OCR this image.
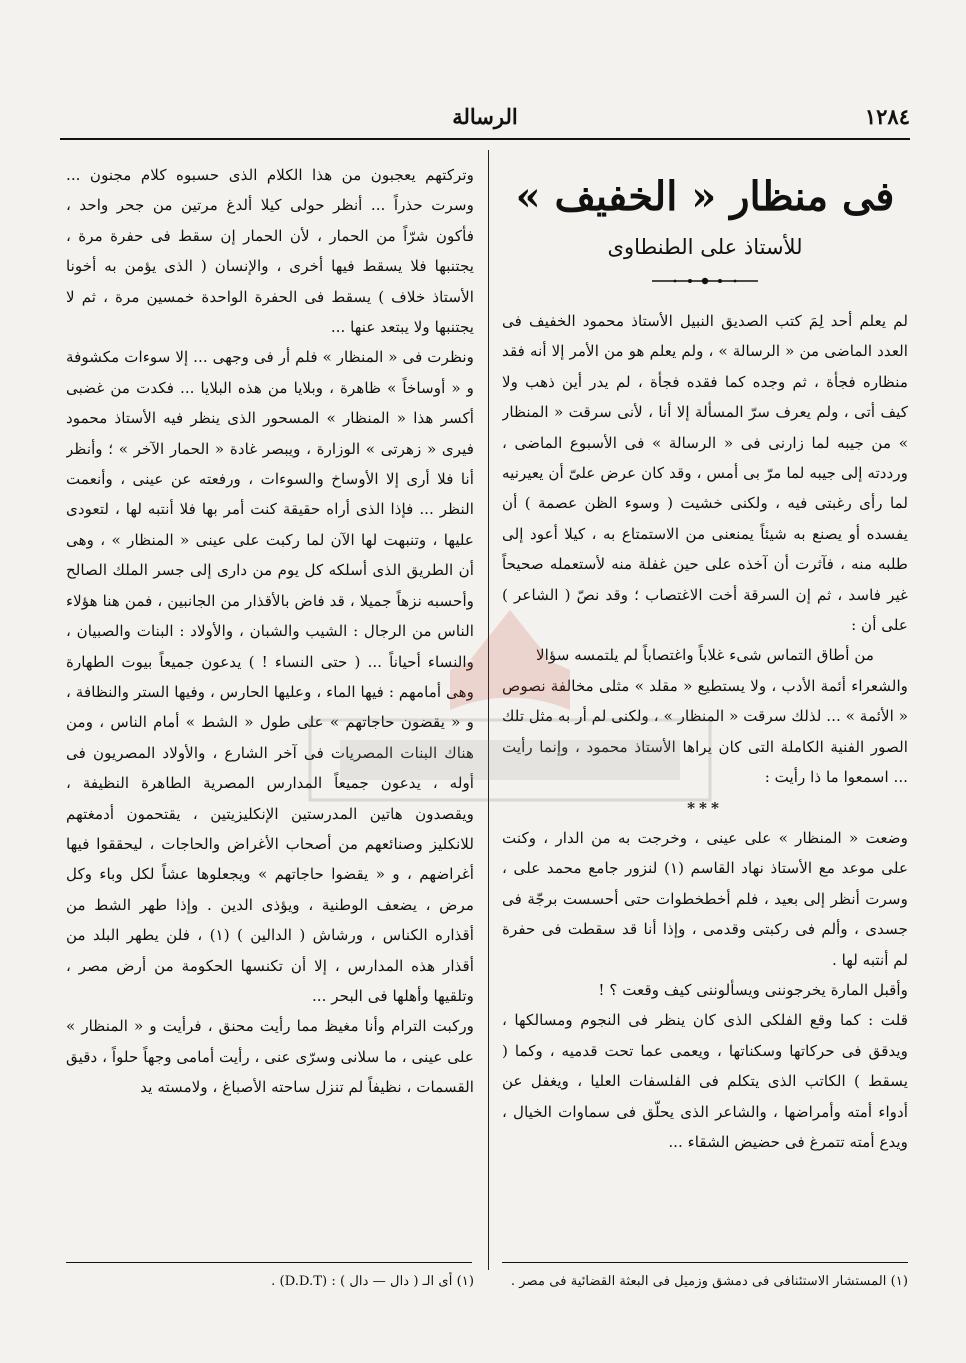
١٢٨٤
الرسالة

فى منظار « الخفيف »

للأستاذ على الطنطاوى

لم يعلم أحد لِمَ كتب الصديق النبيل الأستاذ محمود الخفيف فى العدد الماضى من « الرسالة » ، ولم يعلم هو من الأمر إلا أنه فقد منظاره فجأة ، ثم وجده كما فقده فجأة ، لم يدر أين ذهب ولا كيف أتى ، ولم يعرف سرّ المسألة إلا أنا ، لأنى سرقت « المنظار » من جيبه لما زارنى فى « الرسالة » فى الأسبوع الماضى ، ورددته إلى جيبه لما مرّ بى أمس ، وقد كان عرض علىّ أن يعيرنيه لما رأى رغبتى فيه ، ولكنى خشيت ( وسوء الظن عصمة ) أن يفسده أو يصنع به شيئاً يمنعنى من الاستمتاع به ، كيلا أعود إلى طلبه منه ، فآثرت أن آخذه على حين غفلة منه لأستعمله صحيحاً غير فاسد ، ثم إن السرقة أخت الاغتصاب ؛ وقد نصّ ( الشاعر ) على أن :

من أطاق التماس شىء غلاباً واغتصاباً لم يلتمسه سؤالا

والشعراء أئمة الأدب ، ولا يستطيع « مقلد » مثلى مخالفة نصوص « الأئمة » ... لذلك سرقت « المنظار » ، ولكنى لم أر به مثل تلك الصور الفنية الكاملة التى كان يراها الأستاذ محمود ، وإنما رأيت ... اسمعوا ما ذا رأيت :

***

وضعت « المنظار » على عينى ، وخرجت به من الدار ، وكنت على موعد مع الأستاذ نهاد القاسم (١) لنزور جامع محمد على ، وسرت أنظر إلى بعيد ، فلم أخطخطوات حتى أحسست برجّة فى جسدى ، وألم فى ركبتى وقدمى ، وإذا أنا قد سقطت فى حفرة لم أنتبه لها .

وأقبل المارة يخرجوننى ويسألوننى كيف وقعت ؟ !

قلت : كما وقع الفلكى الذى كان ينظر فى النجوم ومسالكها ، ويدقق فى حركاتها وسكناتها ، ويعمى عما تحت قدميه ، وكما ( يسقط ) الكاتب الذى يتكلم فى الفلسفات العليا ، ويغفل عن أدواء أمته وأمراضها ، والشاعر الذى يحلّق فى سماوات الخيال ، ويدع أمته تتمرغ فى حضيض الشقاء ...

وتركتهم يعجبون من هذا الكلام الذى حسبوه كلام مجنون ... وسرت حذراً ... أنظر حولى كيلا ألدغ مرتين من جحر واحد ، فأكون شرّاً من الحمار ، لأن الحمار إن سقط فى حفرة مرة ، يجتنبها فلا يسقط فيها أخرى ، والإنسان ( الذى يؤمن به أخونا الأستاذ خلاف ) يسقط فى الحفرة الواحدة خمسين مرة ، ثم لا يجتنبها ولا يبتعد عنها ...

ونظرت فى « المنظار » فلم أر فى وجهى ... إلا سوءات مكشوفة و « أوساخاً » ظاهرة ، وبلايا من هذه البلايا ... فكدت من غضبى أكسر هذا « المنظار » المسحور الذى ينظر فيه الأستاذ محمود فيرى « زهرتى » الوزارة ، ويبصر غادة « الحمار الآخر » ؛ وأنظر أنا فلا أرى إلا الأوساخ والسوءات ، ورفعته عن عينى ، وأنعمت النظر ... فإذا الذى أراه حقيقة كنت أمر بها فلا أنتبه لها ، لتعودى عليها ، وتنبهت لها الآن لما ركبت على عينى « المنظار » ، وهى أن الطريق الذى أسلكه كل يوم من دارى إلى جسر الملك الصالح وأحسبه نزهاً جميلا ، قد فاض بالأقذار من الجانبين ، فمن هنا هؤلاء الناس من الرجال : الشيب والشبان ، والأولاد : البنات والصبيان ، والنساء أحياناً ... ( حتى النساء ! ) يدعون جميعاً بيوت الطهارة وهى أمامهم : فيها الماء ، وعليها الحارس ، وفيها الستر والنظافة ، و « يقضون حاجاتهم » على طول « الشط » أمام الناس ، ومن هناك البنات المصريات فى آخر الشارع ، والأولاد المصريون فى أوله ، يدعون جميعاً المدارس المصرية الطاهرة النظيفة ، ويقصدون هاتين المدرستين الإنكليزيتين ، يقتحمون أدمغتهم للانكليز وصنائعهم من أصحاب الأغراض والحاجات ، ليحققوا فيها أغراضهم ، و « يقضوا حاجاتهم » ويجعلوها عشاً لكل وباء وكل مرض ، يضعف الوطنية ، ويؤذى الدين . وإذا طهر الشط من أقذاره الكناس ، ورشاش ( الدالين ) (١) ، فلن يطهر البلد من أقذار هذه المدارس ، إلا أن تكنسها الحكومة من أرض مصر ، وتلقيها وأهلها فى البحر ...

وركبت الترام وأنا مغيظ مما رأيت محنق ، فرأيت و « المنظار » على عينى ، ما سلانى وسرّى عنى ، رأيت أمامى وجهاً حلواً ، دقيق القسمات ، نظيفاً لم تنزل ساحته الأصباغ ، ولامسته يد

(١) المستشار الاستئنافى فى دمشق وزميل فى البعثة القضائية فى مصر .
(١) أى الـ ( دال — دال ) : (D.D.T) .
